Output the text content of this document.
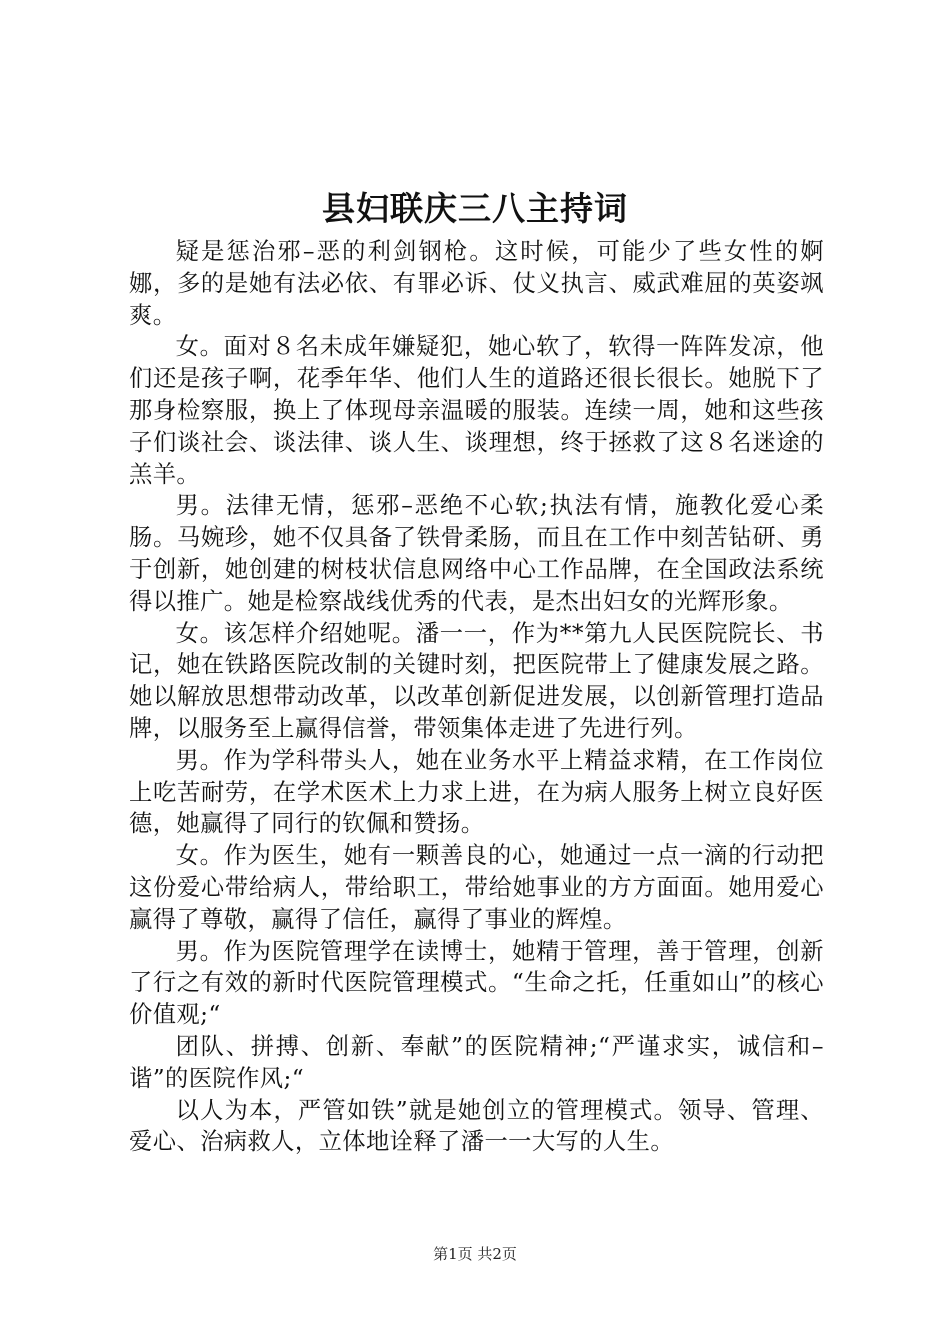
县妇联庆三八主持词

疑是惩治邪–恶的利剑钢枪。这时候，可能少了些女性的婀娜，多的是她有法必依、有罪必诉、仗义执言、威武难屈的英姿飒爽。

女。面对８名未成年嫌疑犯，她心软了，软得一阵阵发凉，他们还是孩子啊，花季年华、他们人生的道路还很长很长。她脱下了那身检察服，换上了体现母亲温暖的服装。连续一周，她和这些孩子们谈社会、谈法律、谈人生、谈理想，终于拯救了这８名迷途的羔羊。

男。法律无情，惩邪–恶绝不心软;执法有情，施教化爱心柔肠。马婉珍，她不仅具备了铁骨柔肠，而且在工作中刻苦钻研、勇于创新，她创建的树枝状信息网络中心工作品牌，在全国政法系统得以推广。她是检察战线优秀的代表，是杰出妇女的光辉形象。

女。该怎样介绍她呢。潘一一，作为**第九人民医院院长、书记，她在铁路医院改制的关键时刻，把医院带上了健康发展之路。她以解放思想带动改革，以改革创新促进发展，以创新管理打造品牌，以服务至上赢得信誉，带领集体走进了先进行列。

男。作为学科带头人，她在业务水平上精益求精，在工作岗位上吃苦耐劳，在学术医术上力求上进，在为病人服务上树立良好医德，她赢得了同行的钦佩和赞扬。

女。作为医生，她有一颗善良的心，她通过一点一滴的行动把这份爱心带给病人，带给职工，带给她事业的方方面面。她用爱心赢得了尊敬，赢得了信任，赢得了事业的辉煌。

男。作为医院管理学在读博士，她精于管理，善于管理，创新了行之有效的新时代医院管理模式。“生命之托，任重如山”的核心价值观;“

团队、拼搏、创新、奉献”的医院精神;“严谨求实，诚信和–谐”的医院作风;“

以人为本，严管如铁”就是她创立的管理模式。领导、管理、爱心、治病救人，立体地诠释了潘一一大写的人生。

第1页 共2页
